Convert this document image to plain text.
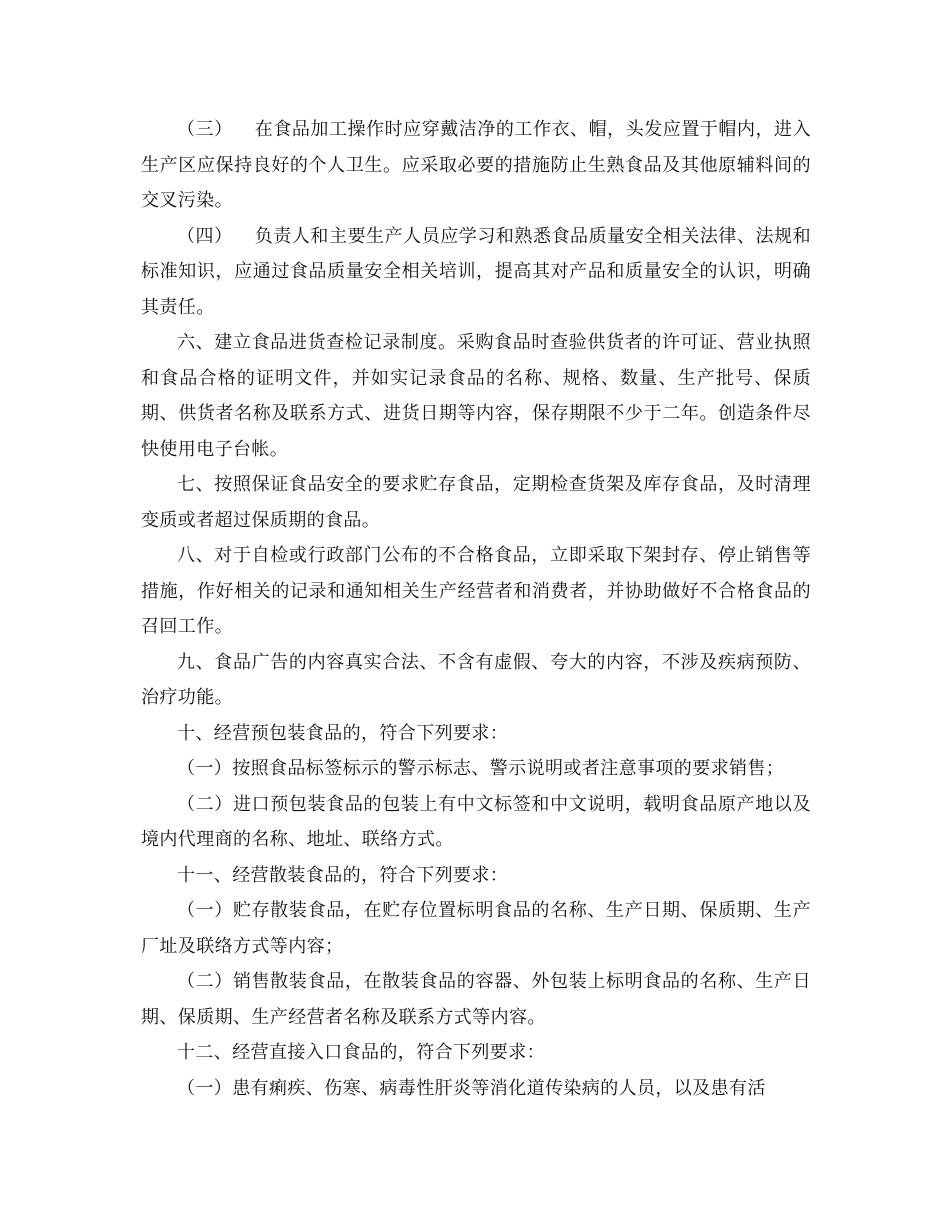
（三） 在食品加工操作时应穿戴洁净的工作衣、帽，头发应置于帽内，进入生产区应保持良好的个人卫生。应采取必要的措施防止生熟食品及其他原辅料间的交叉污染。

（四） 负责人和主要生产人员应学习和熟悉食品质量安全相关法律、法规和标准知识，应通过食品质量安全相关培训，提高其对产品和质量安全的认识，明确其责任。

六、建立食品进货查检记录制度。采购食品时查验供货者的许可证、营业执照和食品合格的证明文件，并如实记录食品的名称、规格、数量、生产批号、保质期、供货者名称及联系方式、进货日期等内容，保存期限不少于二年。创造条件尽快使用电子台帐。

七、按照保证食品安全的要求贮存食品，定期检查货架及库存食品，及时清理变质或者超过保质期的食品。

八、对于自检或行政部门公布的不合格食品，立即采取下架封存、停止销售等措施，作好相关的记录和通知相关生产经营者和消费者，并协助做好不合格食品的召回工作。

九、食品广告的内容真实合法、不含有虚假、夸大的内容，不涉及疾病预防、治疗功能。

十、经营预包装食品的，符合下列要求：

（一）按照食品标签标示的警示标志、警示说明或者注意事项的要求销售；

（二）进口预包装食品的包装上有中文标签和中文说明，载明食品原产地以及境内代理商的名称、地址、联络方式。

十一、经营散装食品的，符合下列要求：

（一）贮存散装食品，在贮存位置标明食品的名称、生产日期、保质期、生产厂址及联络方式等内容；

（二）销售散装食品，在散装食品的容器、外包装上标明食品的名称、生产日期、保质期、生产经营者名称及联系方式等内容。

十二、经营直接入口食品的，符合下列要求：

（一）患有痢疾、伤寒、病毒性肝炎等消化道传染病的人员，以及患有活
